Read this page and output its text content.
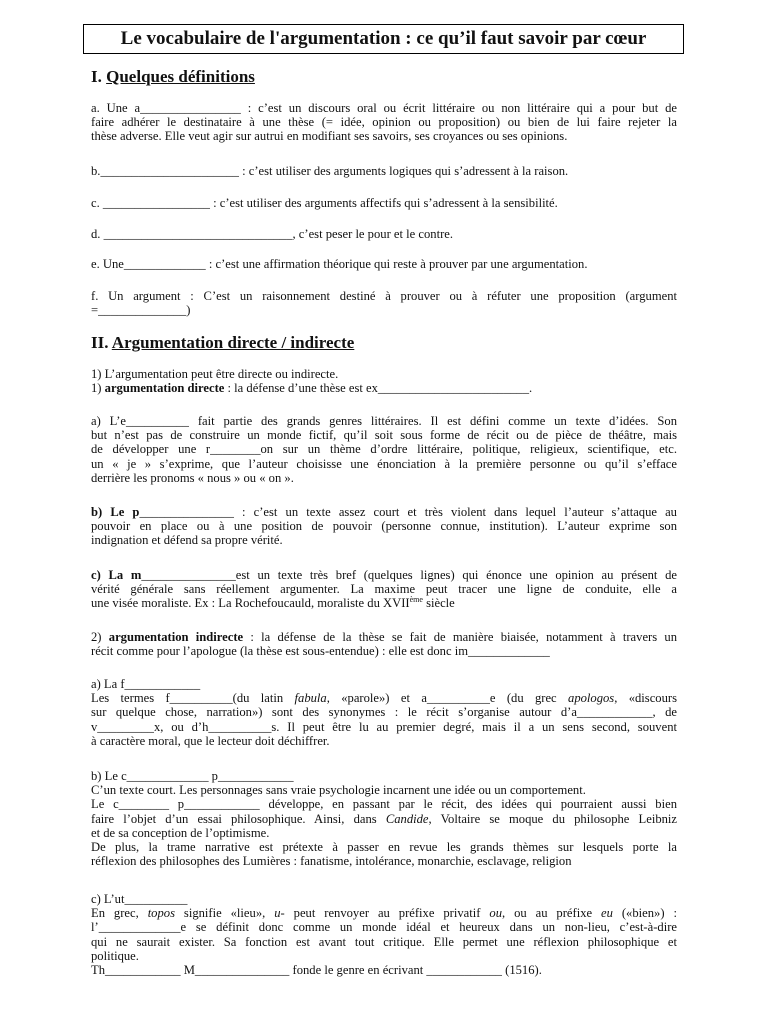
Le vocabulaire de l'argumentation : ce qu’il faut savoir par cœur
I. Quelques définitions
a. Une a________________ : c’est un discours oral ou écrit littéraire ou non littéraire qui a pour but de
faire adhérer le destinataire à une thèse (= idée, opinion ou proposition) ou bien de lui faire rejeter la
thèse adverse. Elle veut agir sur autrui en modifiant ses savoirs, ses croyances ou ses opinions.
b.______________________ : c’est utiliser des arguments logiques qui s’adressent à la raison.
c. _________________ : c’est utiliser des arguments affectifs qui s’adressent à la sensibilité.
d. ______________________________, c’est peser le pour et le contre.
e. Une_____________ : c’est une affirmation théorique qui reste à prouver par une argumentation.
f. Un argument : C’est un raisonnement destiné à prouver ou à réfuter une proposition (argument
=______________)
II. Argumentation directe / indirecte
1) L’argumentation peut être directe ou indirecte.
1) argumentation directe : la défense d’une thèse est ex________________________.
a) L’e__________ fait partie des grands genres littéraires. Il est défini comme un texte d’idées. Son
but n’est pas de construire un monde fictif, qu’il soit sous forme de récit ou de pièce de théâtre, mais
de développer une r________on sur un thème d’ordre littéraire, politique, religieux, scientifique, etc.
un « je » s’exprime, que l’auteur choisisse une énonciation à la première personne ou qu’il s’efface
derrière les pronoms « nous » ou « on ».
b) Le p_______________ : c’est un texte assez court et très violent dans lequel l’auteur s’attaque au
pouvoir en place ou à une position de pouvoir (personne connue, institution). L’auteur exprime son
indignation et défend sa propre vérité.
c) La m_______________est un texte très bref (quelques lignes) qui énonce une opinion au présent de
vérité générale sans réellement argumenter. La maxime peut tracer une ligne de conduite, elle a
une visée moraliste. Ex : La Rochefoucauld, moraliste du XVIIème siècle
2) argumentation indirecte : la défense de la thèse se fait de manière biaisée, notamment à travers un
récit comme pour l’apologue (la thèse est sous-entendue) : elle est donc im_____________
a) La f____________
Les termes f__________(du latin fabula, «parole») et a__________e (du grec apologos, «discours
sur quelque chose, narration») sont des synonymes : le récit s’organise autour d’a____________, de
v_________x, ou d’h__________s. Il peut être lu au premier degré, mais il a un sens second, souvent
à caractère moral, que le lecteur doit déchiffrer.
b) Le c_____________ p____________
C’un texte court. Les personnages sans vraie psychologie incarnent une idée ou un comportement.
Le c________ p____________ développe, en passant par le récit, des idées qui pourraient aussi bien
faire l’objet d’un essai philosophique. Ainsi, dans Candide, Voltaire se moque du philosophe Leibniz
et de sa conception de l’optimisme.
De plus, la trame narrative est prétexte à passer en revue les grands thèmes sur lesquels porte la
réflexion des philosophes des Lumières : fanatisme, intolérance, monarchie, esclavage, religion
c) L’ut__________
En grec, topos signifie «lieu», u- peut renvoyer au préfixe privatif ou, ou au préfixe eu («bien») :
l’_____________e se définit donc comme un monde idéal et heureux dans un non-lieu, c’est-à-dire
qui ne saurait exister. Sa fonction est avant tout critique. Elle permet une réflexion philosophique et
politique.
Th____________ M_______________ fonde le genre en écrivant ____________ (1516).
